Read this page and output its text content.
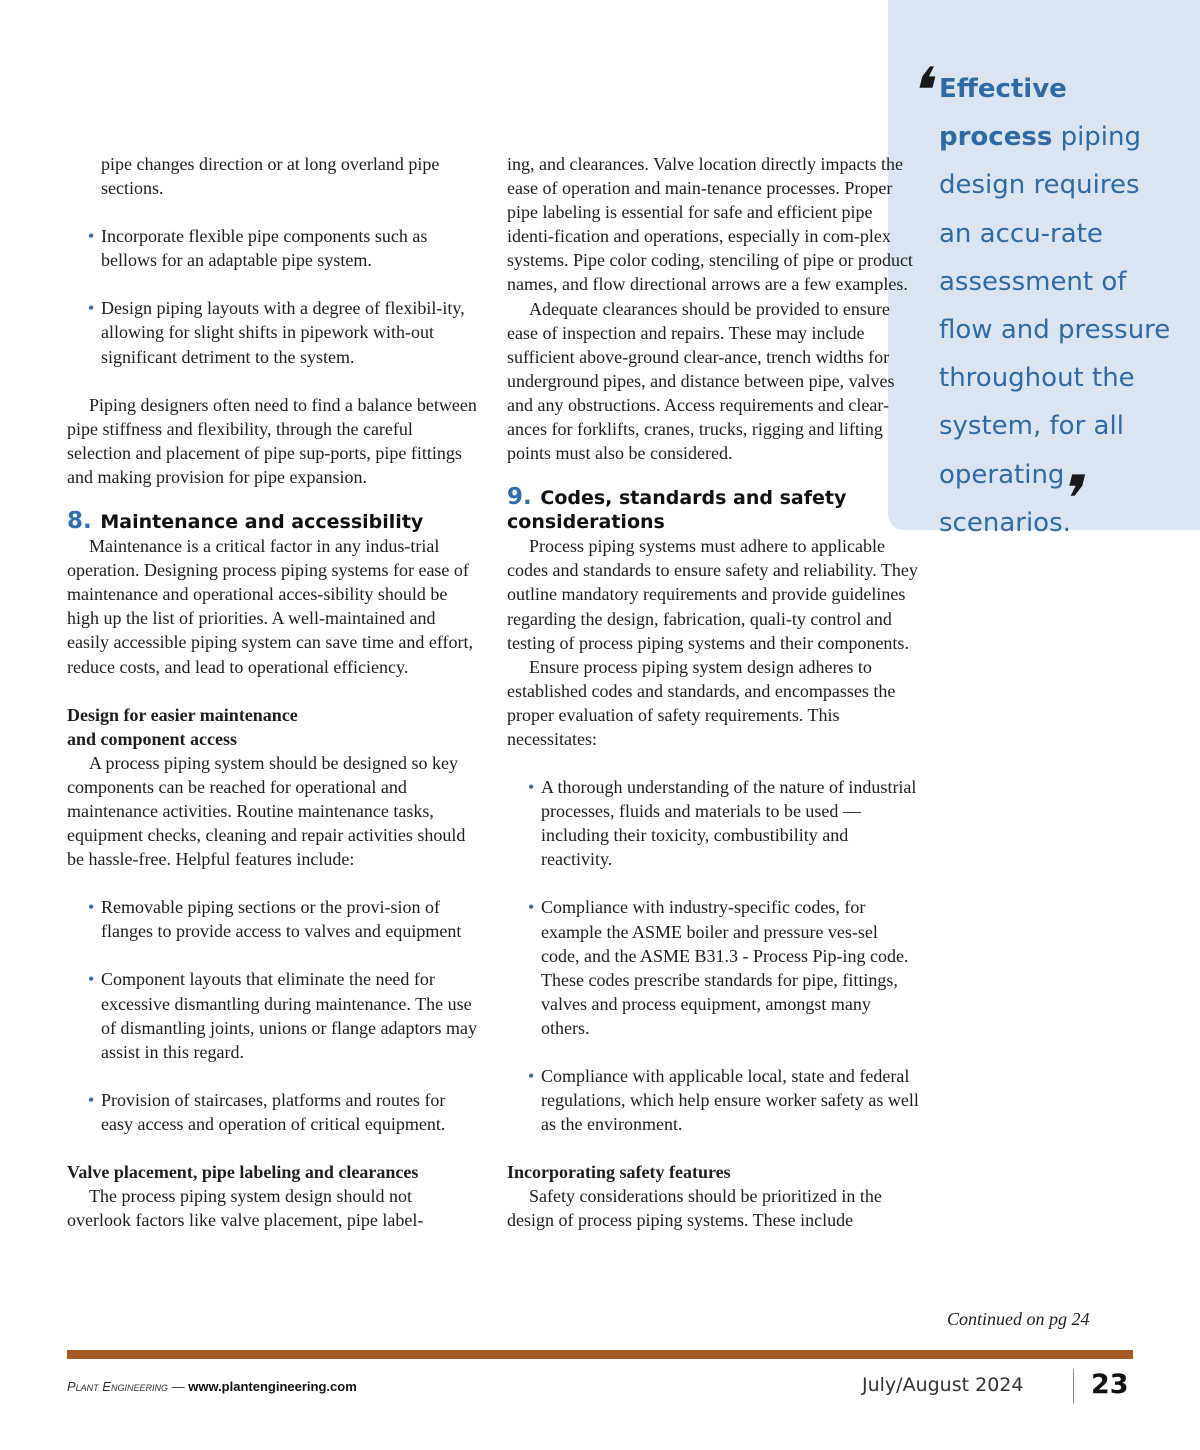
❛
Effective process piping design requires an accu-rate assessment of flow and pressure throughout the system, for all operating scenarios.
❜

pipe changes direction or at long overland pipe sections.

• Incorporate flexible pipe components such as bellows for an adaptable pipe system.

• Design piping layouts with a degree of flexibil-ity, allowing for slight shifts in pipework with-out significant detriment to the system.

Piping designers often need to find a balance between pipe stiffness and flexibility, through the careful selection and placement of pipe sup-ports, pipe fittings and making provision for pipe expansion.

8. Maintenance and accessibility

Maintenance is a critical factor in any indus-trial operation. Designing process piping systems for ease of maintenance and operational acces-sibility should be high up the list of priorities. A well-maintained and easily accessible piping system can save time and effort, reduce costs, and lead to operational efficiency.

Design for easier maintenance
and component access

A process piping system should be designed so key components can be reached for operational and maintenance activities. Routine maintenance tasks, equipment checks, cleaning and repair activities should be hassle-free. Helpful features include:

• Removable piping sections or the provi-sion of flanges to provide access to valves and equipment

• Component layouts that eliminate the need for excessive dismantling during maintenance. The use of dismantling joints, unions or flange adaptors may assist in this regard.

• Provision of staircases, platforms and routes for easy access and operation of critical equipment.

Valve placement, pipe labeling and clearances

The process piping system design should not overlook factors like valve placement, pipe label-

ing, and clearances. Valve location directly impacts the ease of operation and main-tenance processes. Proper pipe labeling is essential for safe and efficient pipe identi-fication and operations, especially in com-plex systems. Pipe color coding, stenciling of pipe or product names, and flow directional arrows are a few examples.

Adequate clearances should be provided to ensure ease of inspection and repairs. These may include sufficient above-ground clear-ance, trench widths for underground pipes, and distance between pipe, valves and any obstructions. Access requirements and clear-ances for forklifts, cranes, trucks, rigging and lifting points must also be considered.

9. Codes, standards and safety considerations

Process piping systems must adhere to applicable codes and standards to ensure safety and reliability. They outline mandatory requirements and provide guidelines regarding the design, fabrication, quali-ty control and testing of process piping systems and their components.

Ensure process piping system design adheres to established codes and standards, and encompasses the proper evaluation of safety requirements. This necessitates:

• A thorough understanding of the nature of industrial processes, fluids and materials to be used — including their toxicity, combustibility and reactivity.

• Compliance with industry-specific codes, for example the ASME boiler and pressure ves-sel code, and the ASME B31.3 - Process Pip-ing code. These codes prescribe standards for pipe, fittings, valves and process equipment, amongst many others.

• Compliance with applicable local, state and federal regulations, which help ensure worker safety as well as the environment.

Incorporating safety features

Safety considerations should be prioritized in the design of process piping systems. These include

Continued on pg 24
Plant Engineering — www.plantengineering.com	July/August 2024	23
